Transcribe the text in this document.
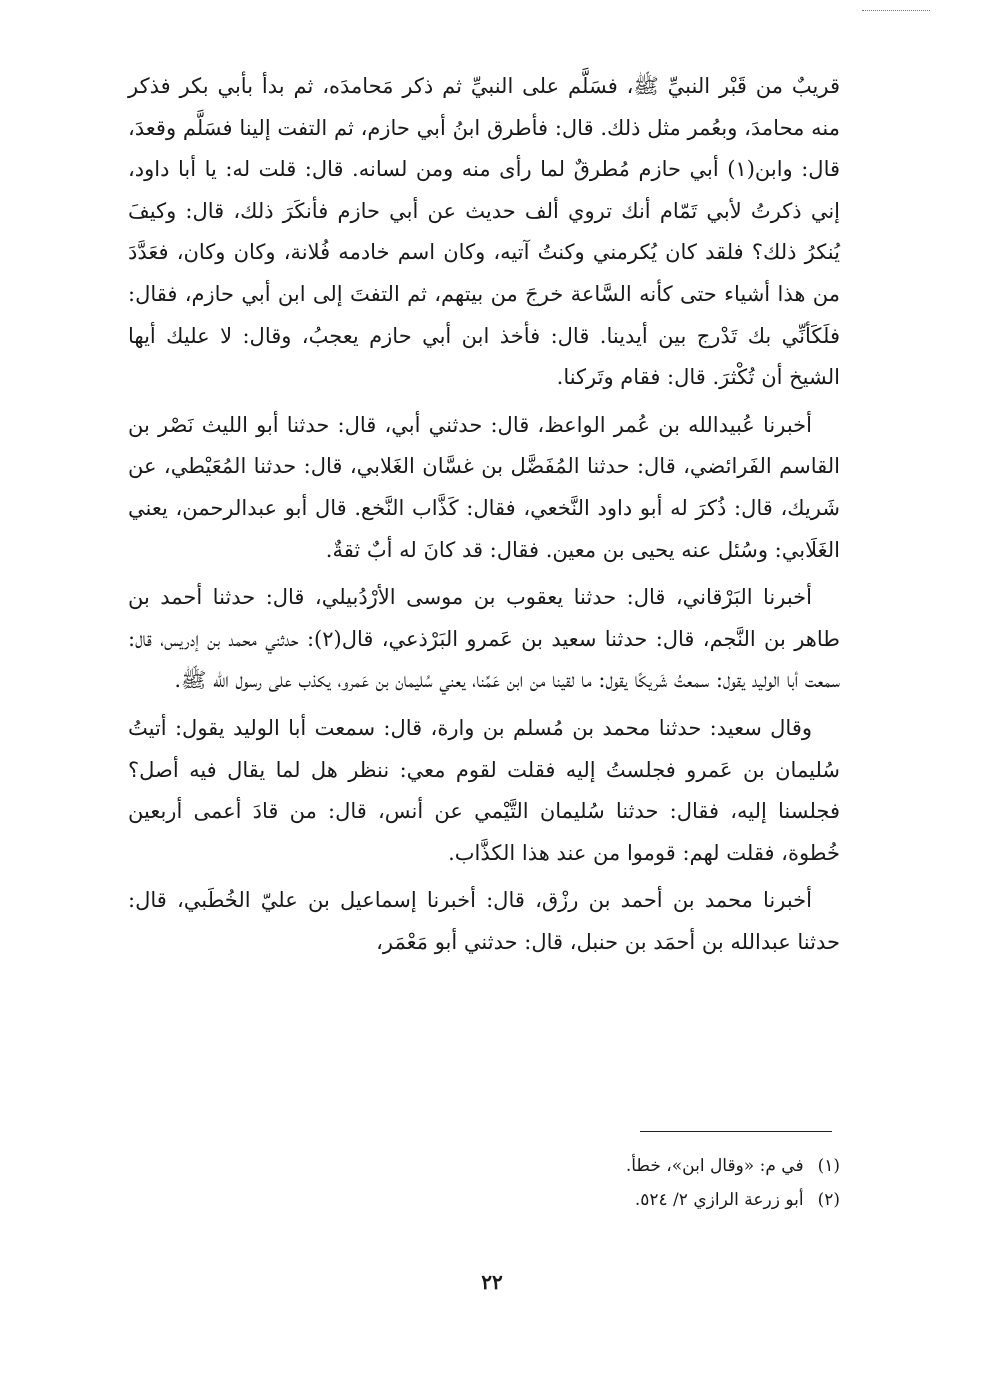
قريبٌ من قَبْر النبيِّ ﷺ، فسَلَّم على النبيِّ ثم ذكر مَحامدَه، ثم بدأ بأبي بكر فذكر منه محامدَ، وبعُمر مثل ذلك. قال: فأطرق ابنُ أبي حازم، ثم التفت إلينا فسَلَّم وقعدَ، قال: وابن(١) أبي حازم مُطرقٌ لما رأى منه ومن لسانه. قال: قلت له: يا أبا داود، إني ذكرتُ لأبي تَمّام أنك تروي ألف حديث عن أبي حازم فأنكَرَ ذلك، قال: وكيفَ يُنكرُ ذلك؟ فلقد كان يُكرمني وكنتُ آتيه، وكان اسم خادمه فُلانة، وكان وكان، فعَدَّدَ من هذا أشياء حتى كأنه السَّاعة خرجَ من بيتهم، ثم التفتَ إلى ابن أبي حازم، فقال: فلَكَأنِّي بك تَدْرج بين أيدينا. قال: فأخذ ابن أبي حازم يعجبُ، وقال: لا عليك أيها الشيخ أن تُكْثرَ. قال: فقام وتَركنا.

أخبرنا عُبيدالله بن عُمر الواعظ، قال: حدثني أبي، قال: حدثنا أبو الليث نَصْر بن القاسم الفَرائضي، قال: حدثنا المُفَضَّل بن غسَّان الغَلابي، قال: حدثنا المُعَيْطي، عن شَريك، قال: ذُكرَ له أبو داود النَّخعي، فقال: كَذَّاب النَّخع. قال أبو عبدالرحمن، يعني الغَلَابي: وسُئل عنه يحيى بن معين. فقال: قد كانَ له أبٌ ثقةٌ.

أخبرنا البَرْقاني، قال: حدثنا يعقوب بن موسى الأرْدُبيلي، قال: حدثنا أحمد بن طاهر بن النَّجم، قال: حدثنا سعيد بن عَمرو البَرْذعي، قال(٢): حدثني محمد بن إدريس، قال: سمعت أبا الوليد يقول: سمعتُ شَريكًا يقول: ما لقينا من ابن عَمِّنا، يعني سُليمان بن عَمرو، يكذب على رسول الله ﷺ.

وقال سعيد: حدثنا محمد بن مُسلم بن وارة، قال: سمعت أبا الوليد يقول: أتيتُ سُليمان بن عَمرو فجلستُ إليه فقلت لقوم معي: ننظر هل لما يقال فيه أصل؟ فجلسنا إليه، فقال: حدثنا سُليمان التَّيْمي عن أنس، قال: من قادَ أعمى أربعين خُطوة، فقلت لهم: قوموا من عند هذا الكذَّاب.

أخبرنا محمد بن أحمد بن رزْق، قال: أخبرنا إسماعيل بن عليّ الخُطَبي، قال: حدثنا عبدالله بن أحمَد بن حنبل، قال: حدثني أبو مَعْمَر،

(١)في م: «وقال ابن»، خطأ.

(٢)أبو زرعة الرازي ٢/ ٥٢٤.

٢٢
